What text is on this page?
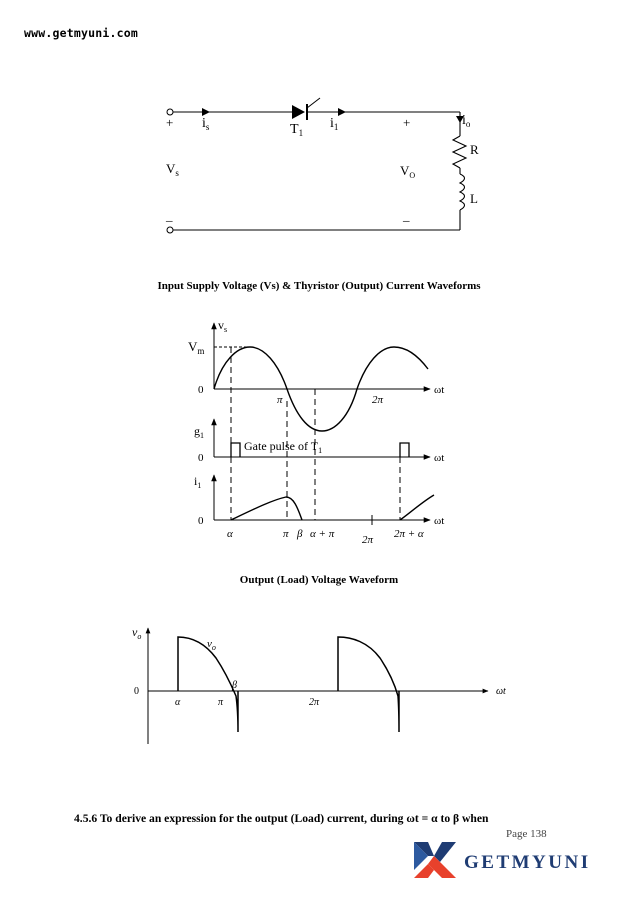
www.getmyuni.com
+ $i_s$	$T_1$
$i_1$	+	$i_o$
R
$V_s$	$V_O$
L
_	_
Input Supply Voltage (Vs) & Thyristor (Output) Current Waveforms
$v_s$
$V_m$
0	ωt
π	2π
$g_1$
Gate pulse of $T_1$
0	ωt
$i_1$
0	ωt
α	π β α + π	2π 2π + α
Output (Load) Voltage Waveform
$v_o$
$v_o$
0
α	π
β
2π
ωt
4.5.6 To derive an expression for the output (Load) current, during ωt = α to β when
Page 138
GETMYUNI
